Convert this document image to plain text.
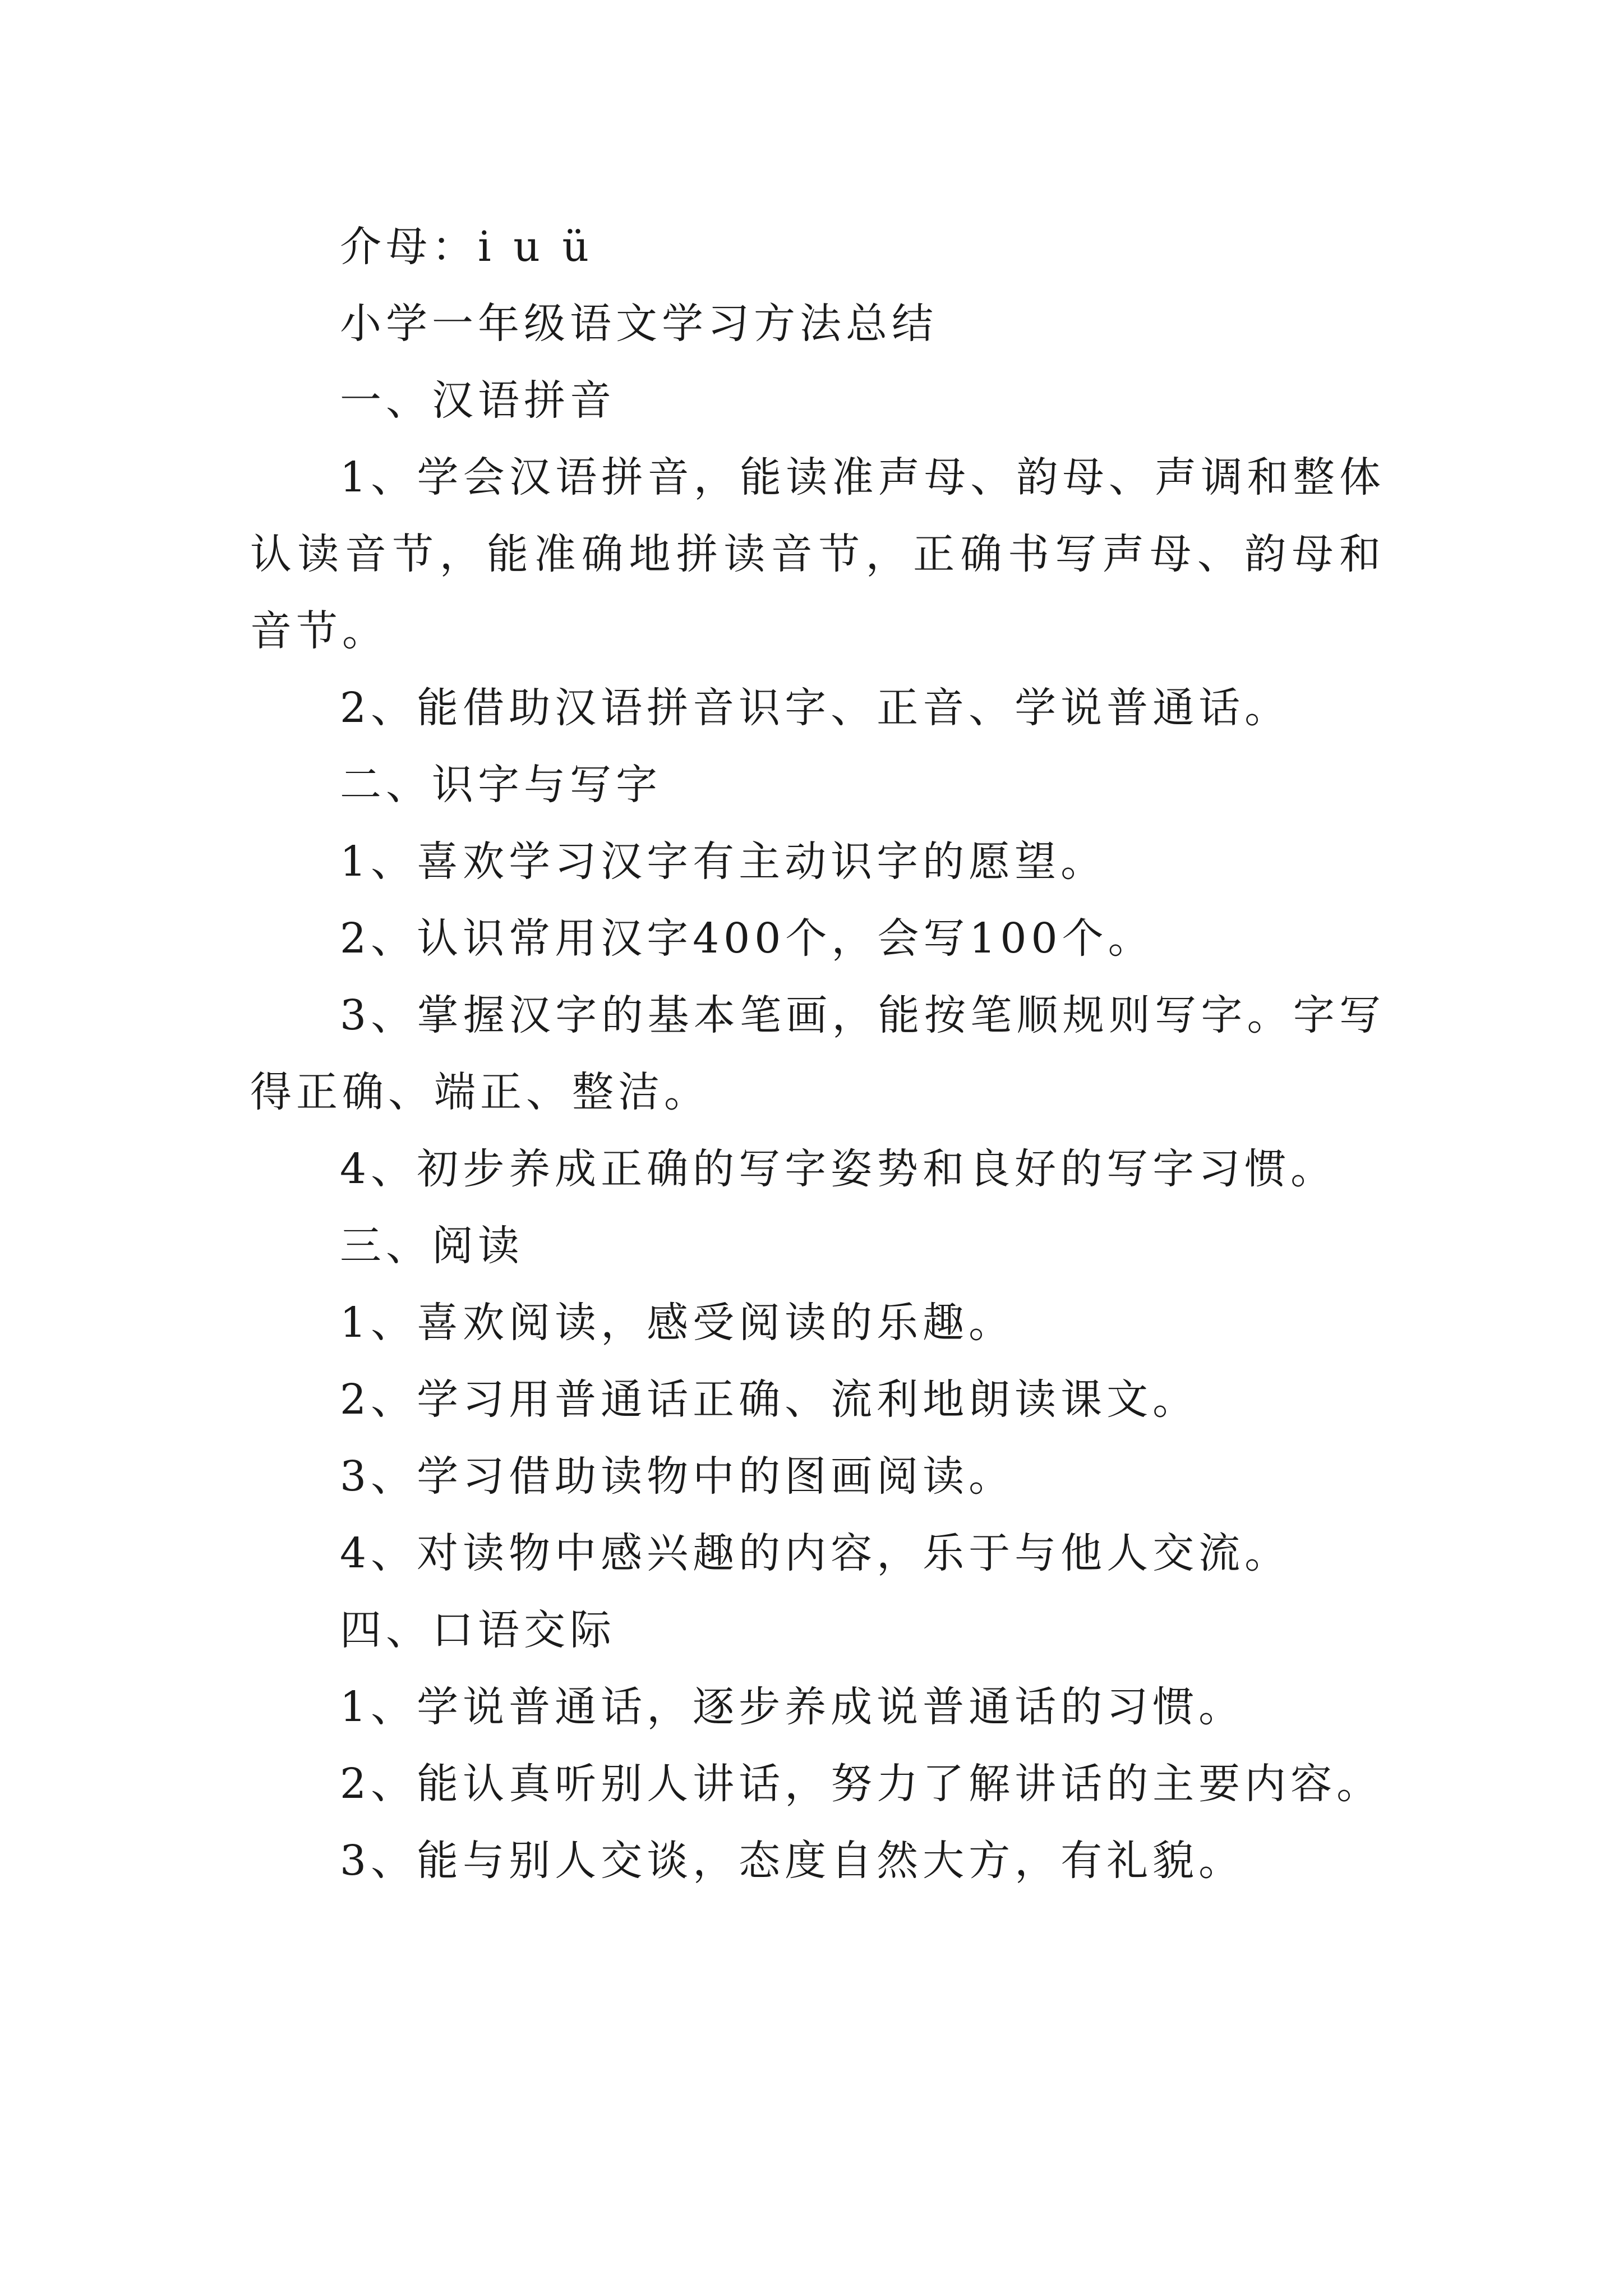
介母：i u ü

小学一年级语文学习方法总结

一、汉语拼音

1、学会汉语拼音，能读准声母、韵母、声调和整体认读音节，能准确地拼读音节，正确书写声母、韵母和音节。

2、能借助汉语拼音识字、正音、学说普通话。

二、识字与写字

1、喜欢学习汉字有主动识字的愿望。

2、认识常用汉字400个，会写100个。

3、掌握汉字的基本笔画，能按笔顺规则写字。字写得正确、端正、整洁。

4、初步养成正确的写字姿势和良好的写字习惯。

三、阅读

1、喜欢阅读，感受阅读的乐趣。

2、学习用普通话正确、流利地朗读课文。

3、学习借助读物中的图画阅读。

4、对读物中感兴趣的内容，乐于与他人交流。

四、口语交际

1、学说普通话，逐步养成说普通话的习惯。

2、能认真听别人讲话，努力了解讲话的主要内容。

3、能与别人交谈，态度自然大方，有礼貌。
